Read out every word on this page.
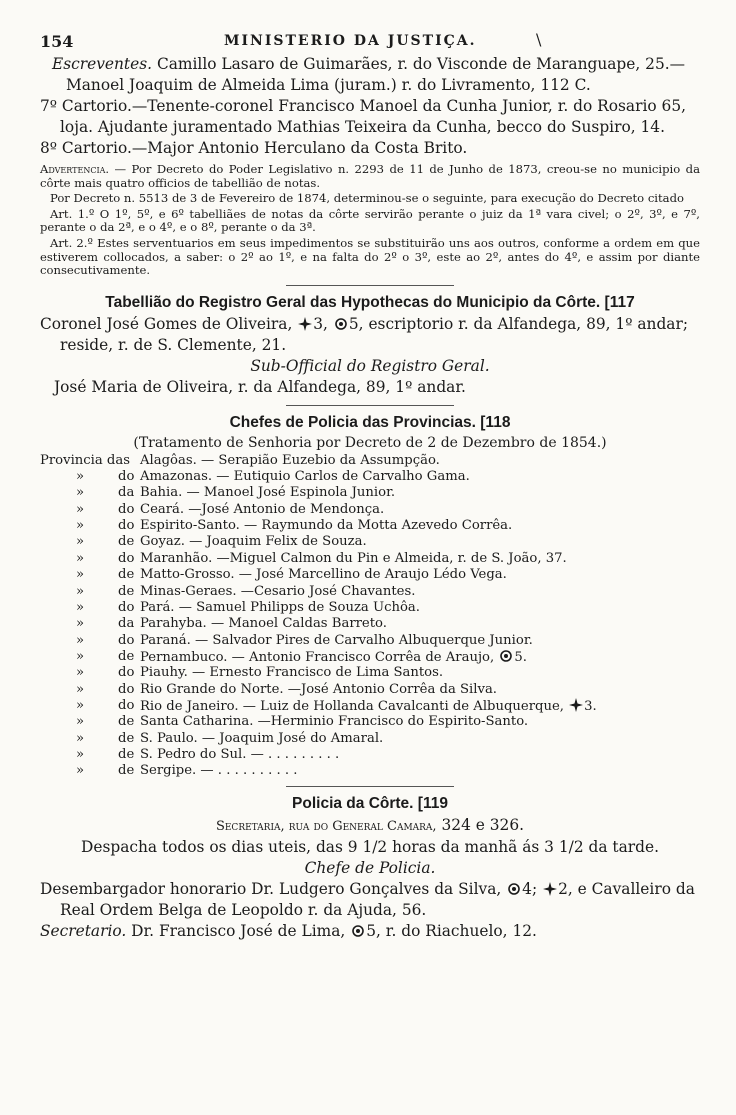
154	MINISTERIO DA JUSTIÇA.	\

Escreventes. Camillo Lasaro de Guimarães, r. do Visconde de Maranguape, 25.—Manoel Joaquim de Almeida Lima (juram.) r. do Livramento, 112 C.

7º Cartorio.—Tenente-coronel Francisco Manoel da Cunha Junior, r. do Rosario 65, loja. Ajudante juramentado Mathias Teixeira da Cunha, becco do Suspiro, 14.

8º Cartorio.—Major Antonio Herculano da Costa Brito.

Advertencia. — Por Decreto do Poder Legislativo n. 2293 de 11 de Junho de 1873, creou-se no municipio da côrte mais quatro officios de tabellião de notas.

Por Decreto n. 5513 de 3 de Fevereiro de 1874, determinou-se o seguinte, para execução do Decreto citado

Art. 1.º O 1º, 5º, e 6º tabelliães de notas da côrte servirão perante o juiz da 1ª vara civel; o 2º, 3º, e 7º, perante o da 2ª, e o 4º, e o 8º, perante o da 3ª.

Art. 2.º Estes serventuarios em seus impedimentos se substituirão uns aos outros, conforme a ordem em que estiverem collocados, a saber: o 2º ao 1º, e na falta do 2º o 3º, este ao 2º, antes do 4º, e assim por diante consecutivamente.

Tabellião do Registro Geral das Hypothecas do Municipio da Côrte. [117

Coronel José Gomes de Oliveira, 3, 5, escriptorio r. da Alfandega, 89, 1º andar; reside, r. de S. Clemente, 21.

Sub-Official do Registro Geral.

José Maria de Oliveira, r. da Alfandega, 89, 1º andar.

Chefes de Policia das Provincias. [118

(Tratamento de Senhoria por Decreto de 2 de Dezembro de 1854.)

Provincia das Alagôas. — Serapião Euzebio da Assumpção.
»	do Amazonas. — Eutiquio Carlos de Carvalho Gama.
»	da Bahia. — Manoel José Espinola Junior.
»	do Ceará. —José Antonio de Mendonça.
»	do Espirito-Santo. — Raymundo da Motta Azevedo Corrêa.
»	de Goyaz. — Joaquim Felix de Souza.
»	do Maranhão. —Miguel Calmon du Pin e Almeida, r. de S. João, 37.
»	de Matto-Grosso. — José Marcellino de Araujo Lédo Vega.
»	de Minas-Geraes. —Cesario José Chavantes.
»	do Pará. — Samuel Philipps de Souza Uchôa.
»	da Parahyba. — Manoel Caldas Barreto.
»	do Paraná. — Salvador Pires de Carvalho Albuquerque Junior.
»	de Pernambuco. — Antonio Francisco Corrêa de Araujo, 5.
»	do Piauhy. — Ernesto Francisco de Lima Santos.
»	do Rio Grande do Norte. —José Antonio Corrêa da Silva.
»	do Rio de Janeiro. — Luiz de Hollanda Cavalcanti de Albuquerque, 3.
»	de Santa Catharina. —Herminio Francisco do Espirito-Santo.
»	de S. Paulo. — Joaquim José do Amaral.
»	de S. Pedro do Sul. — . . . . . . . . .
»	de Sergipe. — . . . . . . . . . .

Policia da Côrte. [119

Secretaria, rua do General Camara, 324 e 326.

Despacha todos os dias uteis, das 9 1/2 horas da manhã ás 3 1/2 da tarde.

Chefe de Policia.

Desembargador honorario Dr. Ludgero Gonçalves da Silva, 4; 2, e Cavalleiro da Real Ordem Belga de Leopoldo r. da Ajuda, 56.

Secretario. Dr. Francisco José de Lima, 5, r. do Riachuelo, 12.
